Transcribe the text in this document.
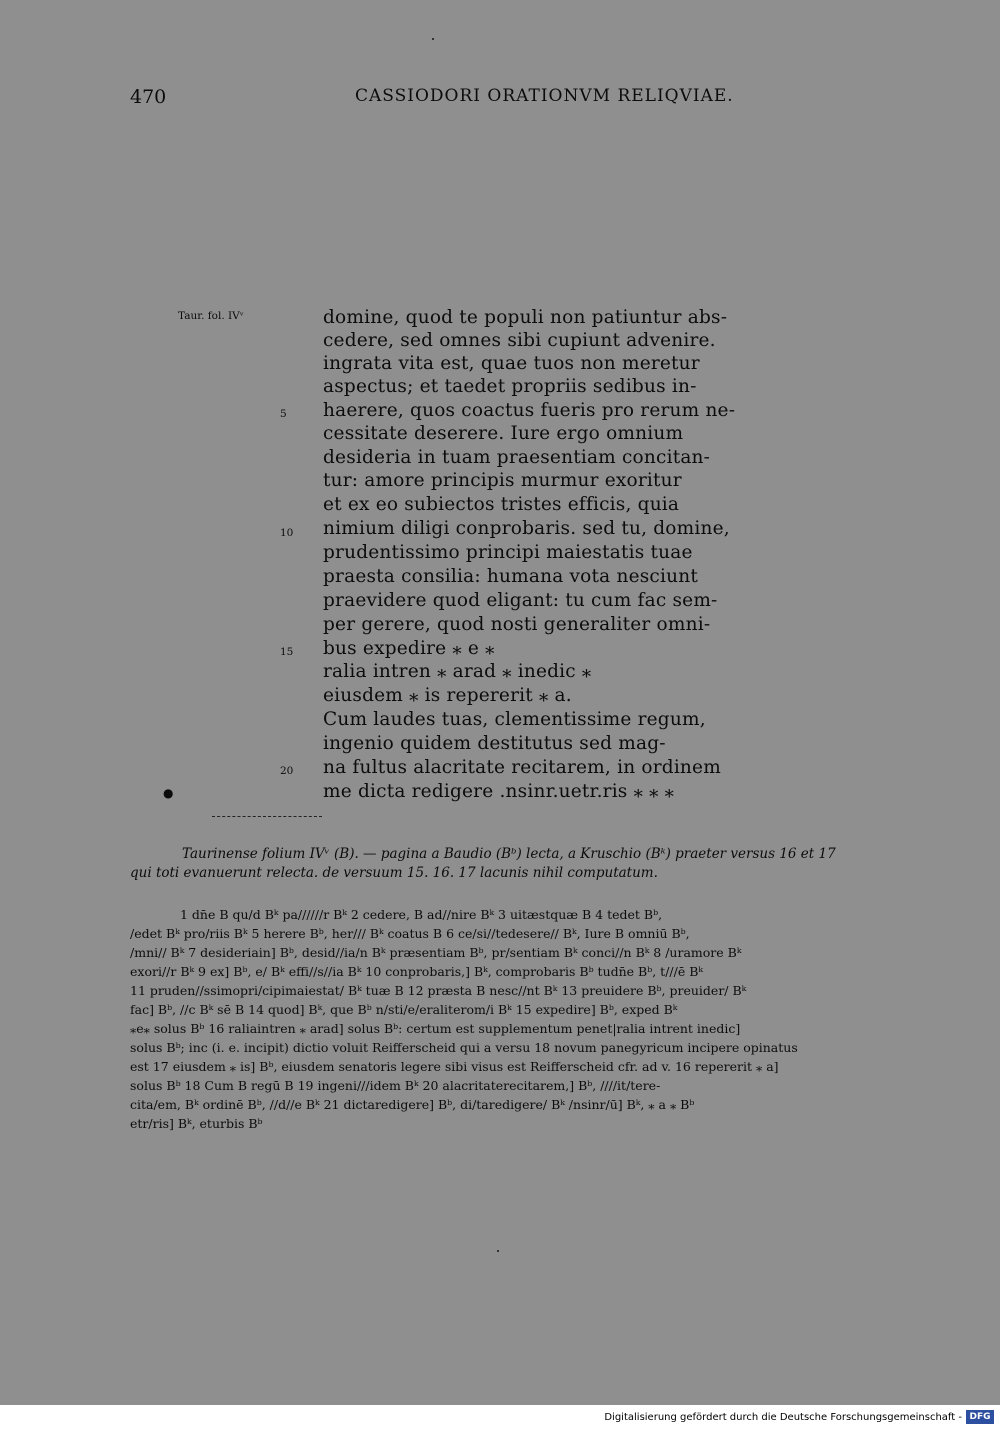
470	CASSIODORI ORATIONVM RELIQVIAE.
Taur. fol. IVᵛ	domine, quod te populi non patiuntur abs-
cedere, sed omnes sibi cupiunt advenire.
ingrata vita est, quae tuos non meretur
aspectus; et taedet propriis sedibus in-
haerere, quos coactus fueris pro rerum ne-
cessitate deserere. Iure ergo omnium
desideria in tuam praesentiam concitan-
tur: amore principis murmur exoritur
et ex eo subiectos tristes efficis, quia
nimium diligi conprobaris. sed tu, domine,
prudentissimo principi maiestatis tuae
praesta consilia: humana vota nesciunt
praevidere quod eligant: tu cum fac sem-
per gerere, quod nosti generaliter omni-
bus expedire ⁎ e ⁎
ralia intren ⁎ arad ⁎ inedic ⁎
eiusdem ⁎ is repererit ⁎ a.
Cum laudes tuas, clementissime regum,
ingenio quidem destitutus sed mag-
na fultus alacritate recitarem, in ordinem
me dicta redigere .nsinr.uetr.ris ⁎ ⁎ ⁎
5
10
15
20
●
Taurinense folium IVᵛ (B). — pagina a Baudio (Bᵇ) lecta, a Kruschio (Bᵏ) praeter versus 16 et 17
qui toti evanuerunt relecta. de versuum 15. 16. 17 lacunis nihil computatum.
1 dn̄e B qu/d Bᵏ pa//////r Bᵏ 2 cedere, B ad//nire Bᵏ 3 uitæstquæ B 4 tedet Bᵇ,
/edet Bᵏ pro/riis Bᵏ 5 herere Bᵇ, her/// Bᵏ coatus B 6 ce/si//tedesere// Bᵏ, Iure B omniū Bᵇ,
/mni// Bᵏ 7 desideriain] Bᵇ, desid//ia/n Bᵏ præsentiam Bᵇ, pr/sentiam Bᵏ conci//n Bᵏ 8 /uramore Bᵏ
exori//r Bᵏ 9 ex] Bᵇ, e/ Bᵏ effi//s//ia Bᵏ 10 conprobaris,] Bᵏ, comprobaris Bᵇ tudn̄e Bᵇ, t///ē Bᵏ
11 pruden//ssimopri/cipimaiestat/ Bᵏ tuæ B 12 præsta B nesc//nt Bᵏ 13 preuidere Bᵇ, preuider/ Bᵏ
fac] Bᵇ, //c Bᵏ sē B 14 quod] Bᵏ, que Bᵇ n/sti/e/eraliterom/i Bᵏ 15 expedire] Bᵇ, exped Bᵏ
⁎e⁎ solus Bᵇ 16 raliaintren ⁎ arad] solus Bᵇ: certum est supplementum penet|ralia intrent inedic]
solus Bᵇ; inc (i. e. incipit) dictio voluit Reifferscheid qui a versu 18 novum panegyricum incipere opinatus
est 17 eiusdem ⁎ is] Bᵇ, eiusdem senatoris legere sibi visus est Reifferscheid cfr. ad v. 16 repererit ⁎ a]
solus Bᵇ 18 Cum B regū B 19 ingeni///idem Bᵏ 20 alacritaterecitarem,] Bᵇ, ////it/tere-
cita/em, Bᵏ ordinē Bᵇ, //d//e Bᵏ 21 dictaredigere] Bᵇ, di/taredigere/ Bᵏ /nsinr/ū] Bᵏ, ⁎ a ⁎ Bᵇ
etr/ris] Bᵏ, eturbis Bᵇ
Digitalisierung gefördert durch die Deutsche Forschungsgemeinschaft - DFG
